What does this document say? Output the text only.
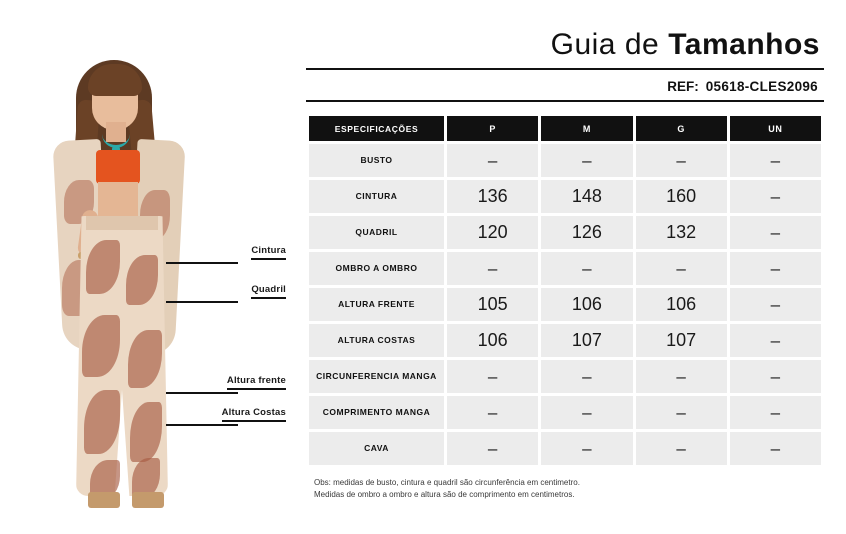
Cintura
Quadril
Altura frente
Altura Costas
Guia de Tamanhos
REF: 05618-CLES2096
ESPECIFICAÇÕES	P	M	G	UN
BUSTO	–	–	–	–
CINTURA	136	148	160	–
QUADRIL	120	126	132	–
OMBRO A OMBRO	–	–	–	–
ALTURA FRENTE	105	106	106	–
ALTURA COSTAS	106	107	107	–
CIRCUNFERENCIA MANGA	–	–	–	–
COMPRIMENTO MANGA	–	–	–	–
CAVA	–	–	–	–
Obs: medidas de busto, cintura e quadril são circunferência em centimetro.
Medidas de ombro a ombro e altura são de comprimento em centimetros.
